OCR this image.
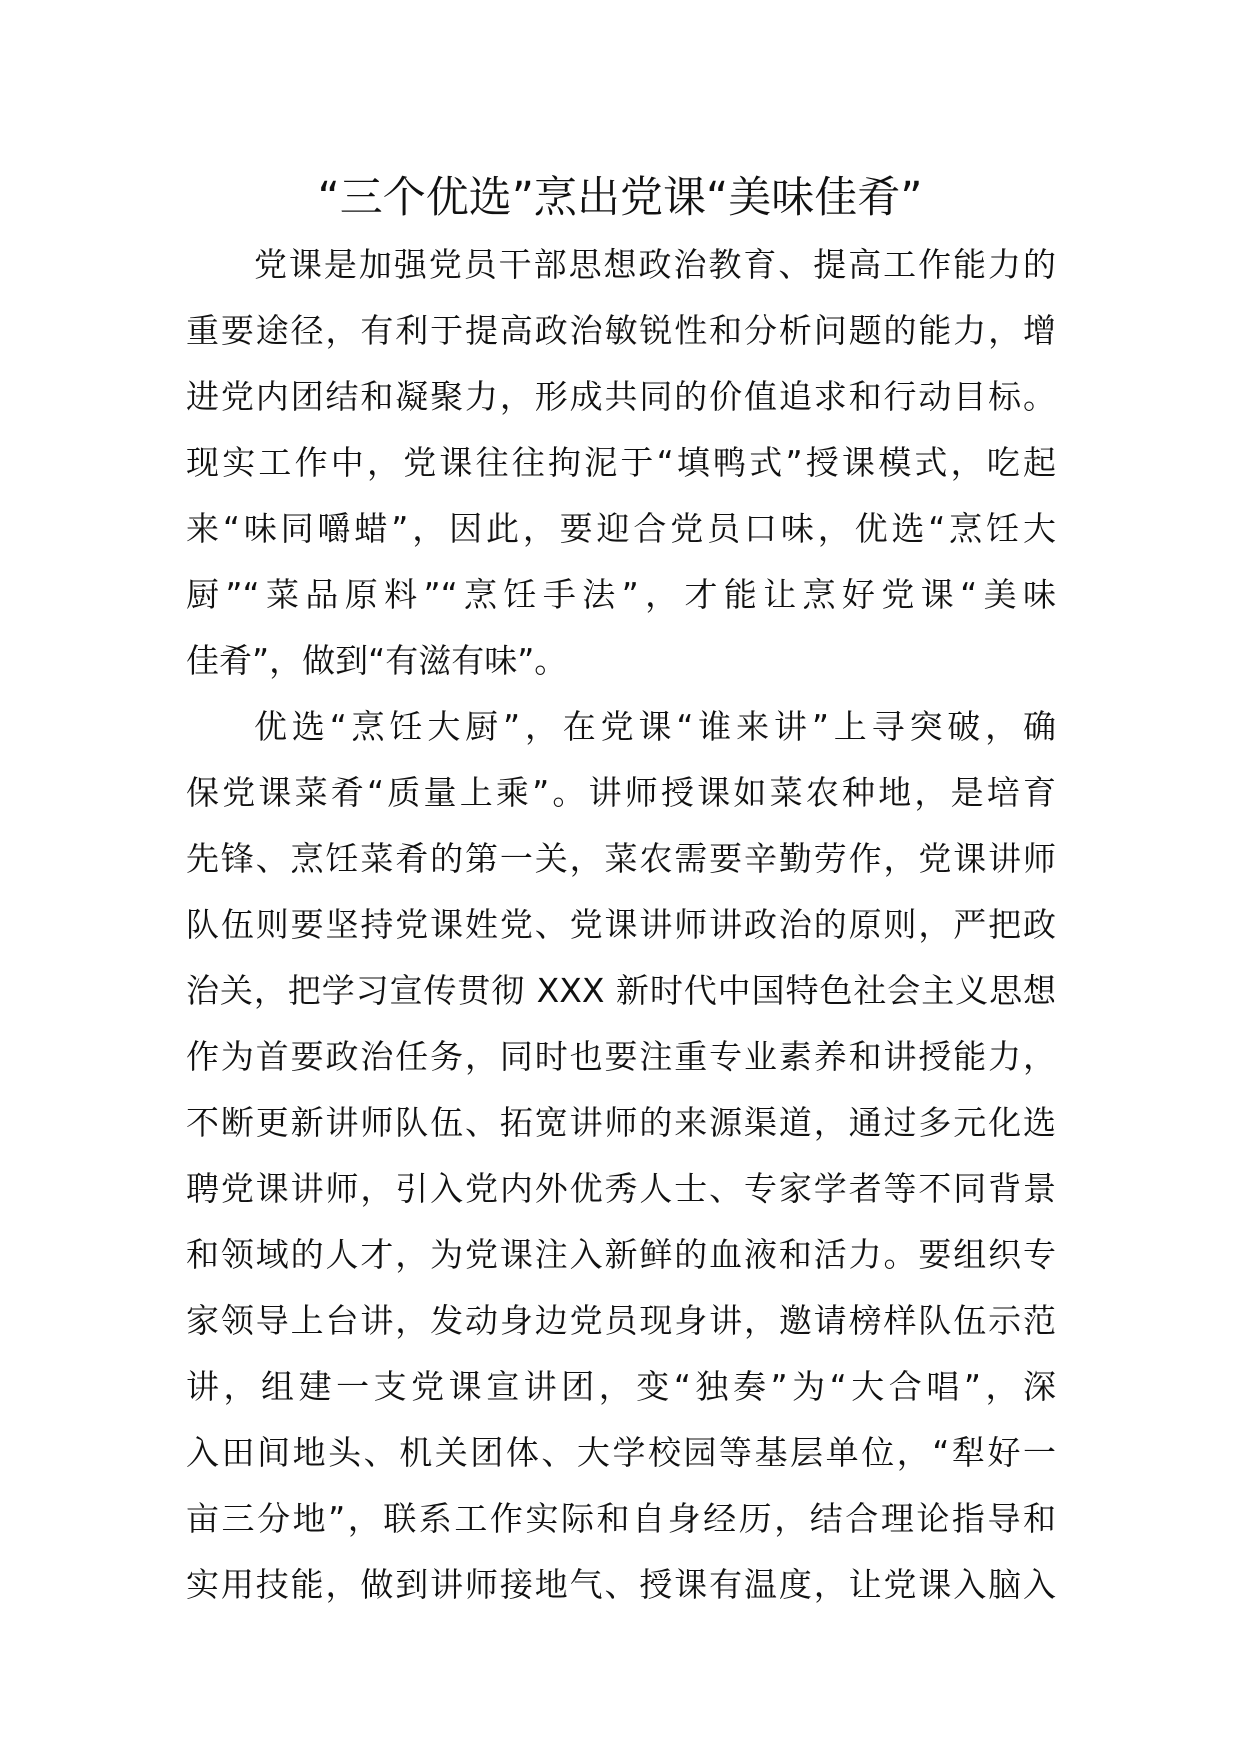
“三个优选”烹出党课“美味佳肴”
党课是加强党员干部思想政治教育、提高工作能力的
重要途径，有利于提高政治敏锐性和分析问题的能力，增
进党内团结和凝聚力，形成共同的价值追求和行动目标。
现实工作中，党课往往拘泥于“填鸭式”授课模式，吃起
来“味同嚼蜡”，因此，要迎合党员口味，优选“烹饪大
厨”“菜品原料”“烹饪手法”，才能让烹好党课“美味
佳肴”，做到“有滋有味”。
优选“烹饪大厨”，在党课“谁来讲”上寻突破，确
保党课菜肴“质量上乘”。讲师授课如菜农种地，是培育
先锋、烹饪菜肴的第一关，菜农需要辛勤劳作，党课讲师
队伍则要坚持党课姓党、党课讲师讲政治的原则，严把政
治关，把学习宣传贯彻 XXX 新时代中国特色社会主义思想
作为首要政治任务，同时也要注重专业素养和讲授能力，
不断更新讲师队伍、拓宽讲师的来源渠道，通过多元化选
聘党课讲师，引入党内外优秀人士、专家学者等不同背景
和领域的人才，为党课注入新鲜的血液和活力。要组织专
家领导上台讲，发动身边党员现身讲，邀请榜样队伍示范
讲，组建一支党课宣讲团，变“独奏”为“大合唱”，深
入田间地头、机关团体、大学校园等基层单位，“犁好一
亩三分地”，联系工作实际和自身经历，结合理论指导和
实用技能，做到讲师接地气、授课有温度，让党课入脑入
